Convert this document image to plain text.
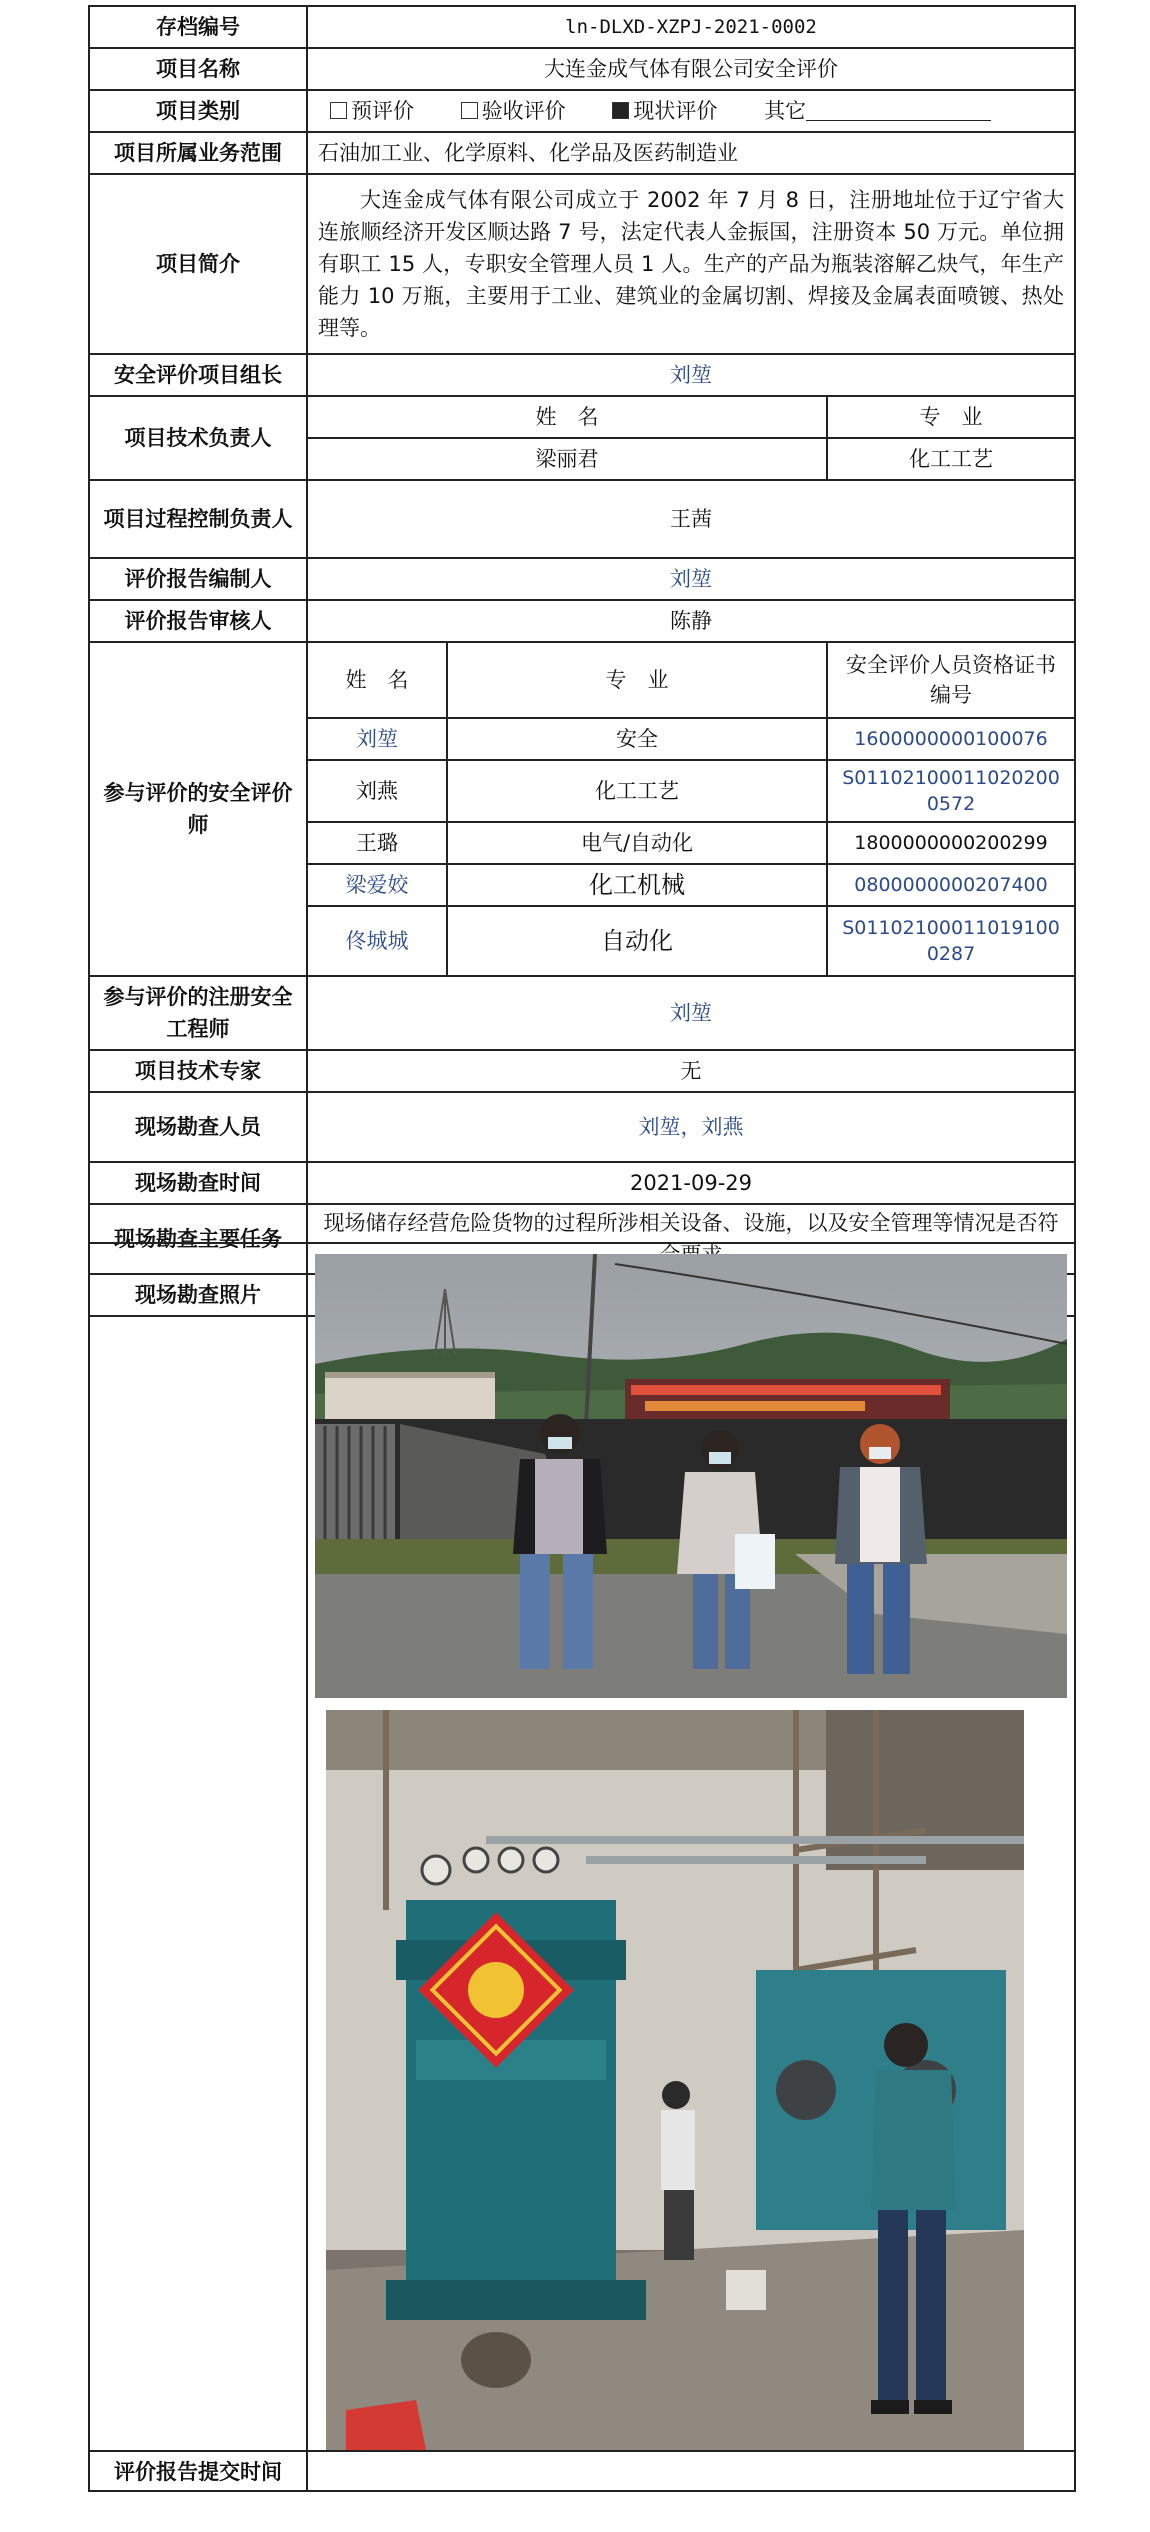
存档编号	ln-DLXD-XZPJ-2021-0002		
项目名称	大连金成气体有限公司安全评价		
项目类别	预评价 验收评价 现状评价 其它		
项目所属业务范围	石油加工业、化学原料、化学品及医药制造业		
项目简介	大连金成气体有限公司成立于 2002 年 7 月 8 日，注册地址位于辽宁省大连旅顺经济开发区顺达路 7 号，法定代表人金振国，注册资本 50 万元。单位拥有职工 15 人，专职安全管理人员 1 人。生产的产品为瓶装溶解乙炔气，年生产能力 10 万瓶，主要用于工业、建筑业的金属切割、焊接及金属表面喷镀、热处理等。		
安全评价项目组长	刘堃		
项目技术负责人	姓　名		专　业
	梁丽君		化工工艺
项目过程控制负责人	王茜		
评价报告编制人	刘堃		
评价报告审核人	陈静		
参与评价的安全评价师	姓　名	专　业	安全评价人员资格证书编号
	刘堃	安全	1600000000100076
	刘燕	化工工艺	S011021000110202000572
	王璐	电气/自动化	1800000000200299
	梁爱姣	化工机械	0800000000207400
	佟城城	自动化	S011021000110191000287
参与评价的注册安全工程师	刘堃		
项目技术专家	无		
现场勘查人员	刘堃，刘燕		
现场勘查时间	2021-09-29		
现场勘查主要任务	现场储存经营危险货物的过程所涉相关设备、设施，以及安全管理等情况是否符		
现场勘查照片			

评价报告提交时间	
